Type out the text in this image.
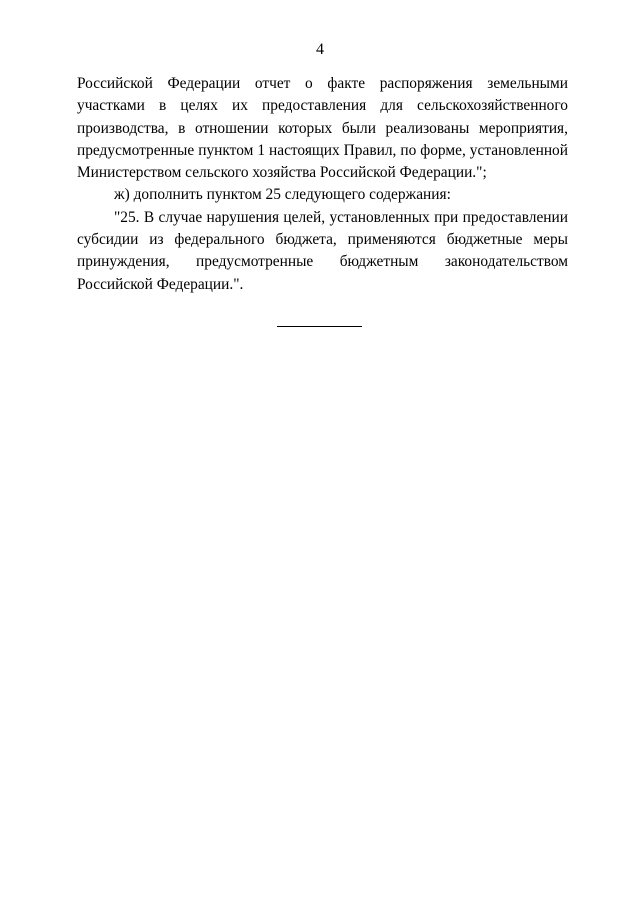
4
Российской Федерации отчет о факте распоряжения земельными
участками в целях их предоставления для сельскохозяйственного
производства, в отношении которых были реализованы мероприятия,
предусмотренные пунктом 1 настоящих Правил, по форме, установленной
Министерством сельского хозяйства Российской Федерации.";
ж) дополнить пунктом 25 следующего содержания:
"25. В случае нарушения целей, установленных при предоставлении
субсидии из федерального бюджета, применяются бюджетные меры
принуждения, предусмотренные бюджетным законодательством
Российской Федерации.".
